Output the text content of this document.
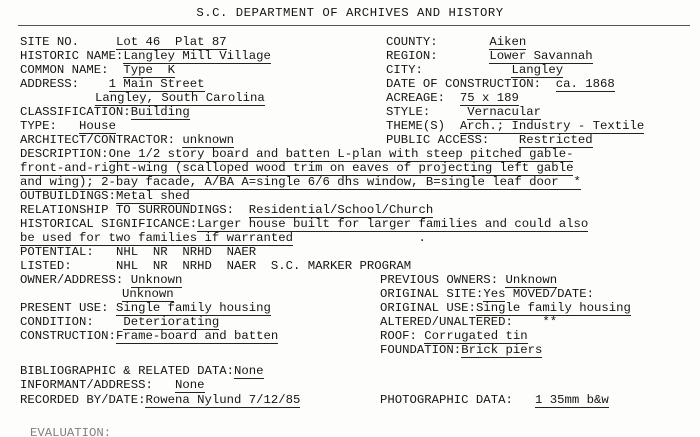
S.C. DEPARTMENT OF ARCHIVES AND HISTORY
SITE NO.	Lot 46  Plat 87	COUNTY:	Aiken
HISTORIC NAME:Langley Mill Village	REGION:	Lower Savannah
COMMON NAME: Type  K	CITY:	Langley
ADDRESS: 1 Main Street	DATE OF CONSTRUCTION: ca. 1868
Langley, South Carolina	ACREAGE: 75 x 189
CLASSIFICATION:Building	STYLE:	Vernacular
TYPE: House	THEME(S) Arch.; Industry - Textile
ARCHITECT/CONTRACTOR: unknown	PUBLIC ACCESS: Restricted
DESCRIPTION:One 1/2 story board and batten L-plan with steep pitched gable-
front-and-right-wing (scalloped wood trim on eaves of projecting left gable
and wing); 2-bay facade, A/BA A=single 6/6 dhs window, B=single leaf door  *
OUTBUILDINGS:Metal shed
RELATIONSHIP TO SURROUNDINGS: Residential/School/Church
HISTORICAL SIGNIFICANCE:Larger house built for larger families and could also
be used for two families if warranted                 .
POTENTIAL: NHL  NR  NRHD  NAER
LISTED:	NHL  NR  NRHD  NAER  S.C. MARKER PROGRAM
OWNER/ADDRESS: Unknown	PREVIOUS OWNERS: Unknown
Unknown	ORIGINAL SITE:Yes MOVED/DATE:
PRESENT USE: Single family housing	ORIGINAL USE:Single family housing
CONDITION: Deteriorating	ALTERED/UNALTERED: **
CONSTRUCTION:Frame-board and batten	ROOF: Corrugated tin
FOUNDATION:Brick piers
BIBLIOGRAPHIC & RELATED DATA:None
INFORMANT/ADDRESS: None
RECORDED BY/DATE:Rowena Nylund 7/12/85	PHOTOGRAPHIC DATA: 1 35mm b&w
EVALUATION:
